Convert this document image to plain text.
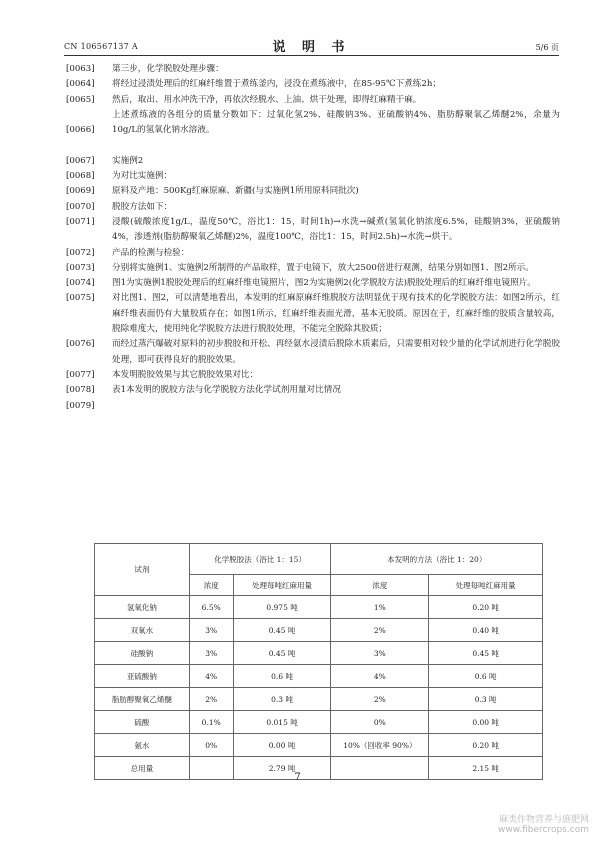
CN 106567137 A	说 明 书	5/6 页
[0063]	第三步，化学脱胶处理步骤：
[0064]	将经过浸渍处理后的红麻纤维置于煮练釜内，浸没在煮练液中，在85-95℃下煮练2h；
[0065]	然后，取出、用水冲洗干净，再依次经脱水、上油、烘干处理，即得红麻精干麻。
上述煮练液的各组分的质量分数如下：过氧化氢2%、硅酸钠3%、亚硫酸钠4%、脂肪醇聚氧乙烯醚2%，余量为10g/L的氢氧化钠水溶液。
[0066]
[0067]	实施例2
[0068]	为对比实施例：
[0069]	原料及产地：500Kg红麻原麻、新疆(与实施例1所用原料同批次)
[0070]	脱胶方法如下：
[0071]	浸酸(硫酸浓度1g/L，温度50℃，浴比1：15，时间1h)→水洗→碱煮(氢氧化钠浓度6.5%，硅酸钠3%，亚硫酸钠4%，渗透剂(脂肪醇聚氧乙烯醚)2%，温度100℃，浴比1：15，时间2.5h)→水洗→烘干。
[0072]	产品的检测与检验：
[0073]	分别将实施例1、实施例2所制得的产品取样，置于电镜下，放大2500倍进行观测，结果分别如图1、图2所示。
[0074]	图1为实施例1脱胶处理后的红麻纤维电镜照片，图2为实施例2(化学脱胶方法)脱胶处理后的红麻纤维电镜照片。
[0075]	对比图1、图2，可以清楚地看出，本发明的红麻原麻纤维脱胶方法明显优于现有技术的化学脱胶方法：如图2所示，红麻纤维表面仍有大量胶质存在；如图1所示，红麻纤维表面光滑，基本无胶质。原因在于，红麻纤维的胶质含量较高，脱除难度大，使用纯化学脱胶方法进行脱胶处理，不能完全脱除其胶质；
[0076]	而经过蒸汽爆破对原料的初步脱胶和开松、再经氨水浸渍后脱除木质素后，只需要相对较少量的化学试剂进行化学脱胶处理，即可获得良好的脱胶效果。
[0077]	本发明脱胶效果与其它脱胶效果对比：
[0078]	表1本发明的脱胶方法与化学脱胶方法化学试剂用量对比情况
[0079]
试剂	化学脱胶法（浴比 1：15）		本发明的方法（浴比 1：20）	
	浓度	处理每吨红麻用量	浓度	处理每吨红麻用量
氢氧化钠	6.5%	0.975 吨	1%	0.20 吨
双氧水	3%	0.45 吨	2%	0.40 吨
硅酸钠	3%	0.45 吨	3%	0.45 吨
亚硫酸钠	4%	0.6 吨	4%	0.6 吨
脂肪醇聚氧乙烯醚	2%	0.3 吨	2%	0.3 吨
硫酸	0.1%	0.015 吨	0%	0.00 吨
氨水	0%	0.00 吨	10%（回收率 90%）	0.20 吨
总用量		2.79 吨		2.15 吨
7
麻类作物营养与施肥网
www.fibercrops.com
